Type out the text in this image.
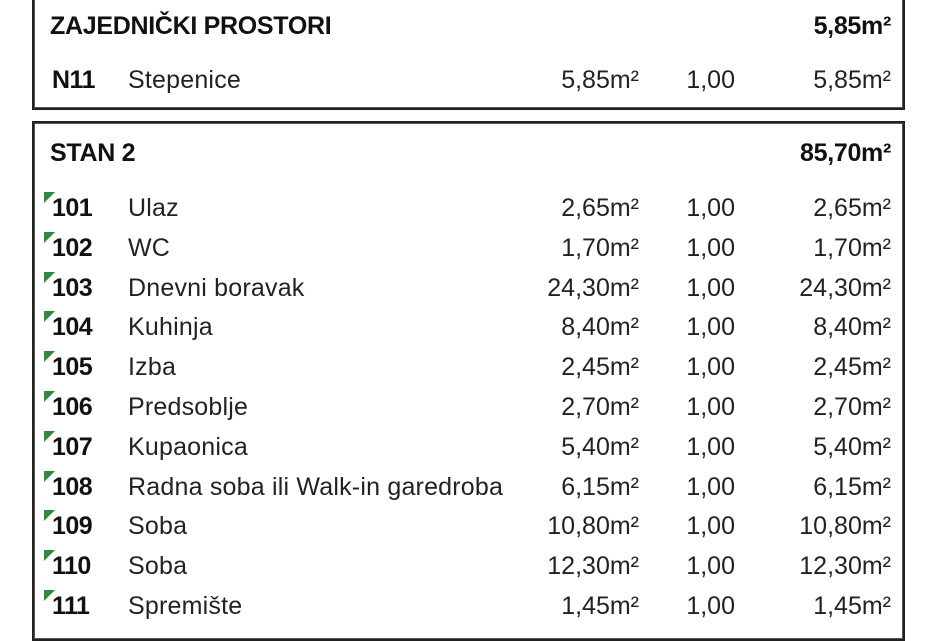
ZAJEDNIČKI PROSTORI	5,85m²
N11 Stepenice	5,85m² 1,00	5,85m²
STAN 2	85,70m²
101 Ulaz	2,65m² 1,00	2,65m²
102 WC	1,70m² 1,00	1,70m²
103 Dnevni boravak	24,30m² 1,00	24,30m²
104 Kuhinja	8,40m² 1,00	8,40m²
105 Izba	2,45m² 1,00	2,45m²
106 Predsoblje	2,70m² 1,00	2,70m²
107 Kupaonica	5,40m² 1,00	5,40m²
108 Radna soba ili Walk-in garedroba 6,15m² 1,00	6,15m²
109 Soba	10,80m² 1,00	10,80m²
110 Soba	12,30m² 1,00	12,30m²
111 Spremište	1,45m² 1,00	1,45m²
